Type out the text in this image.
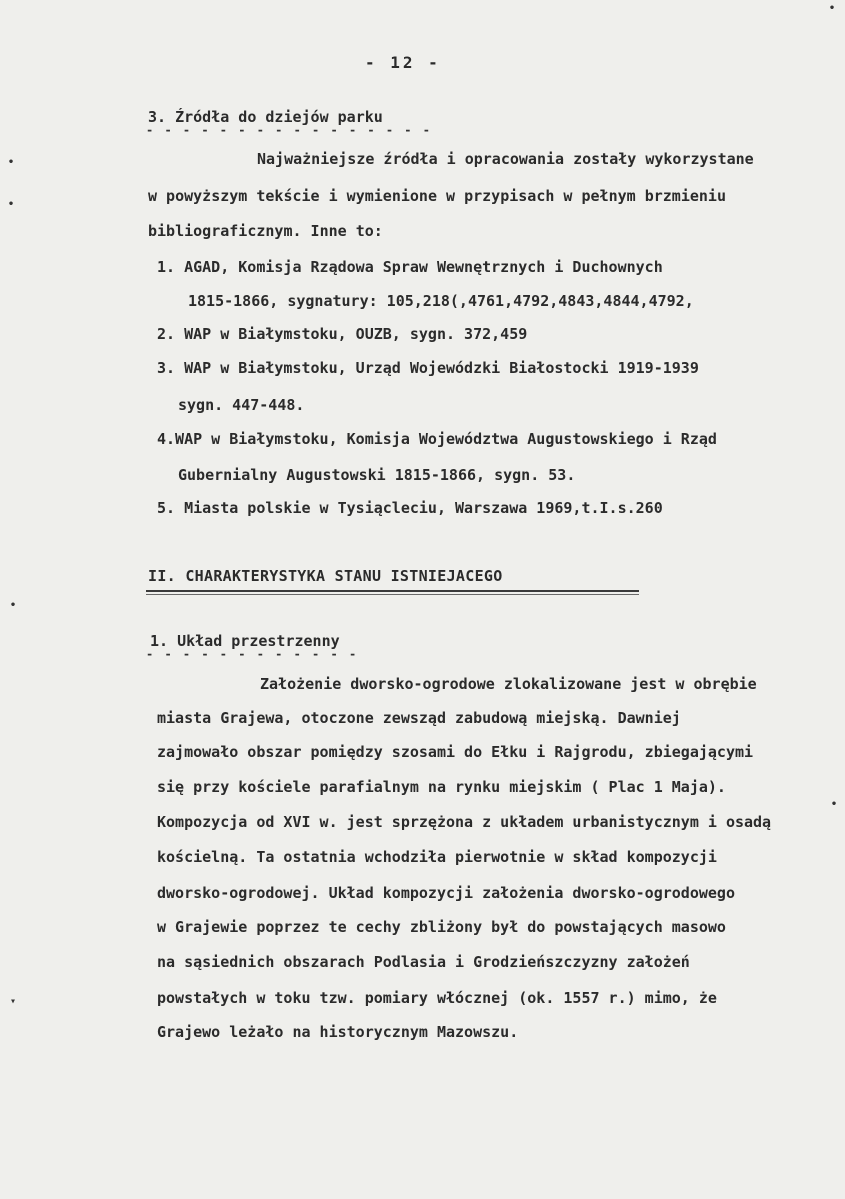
- 12 -
3. Źródła do dziejów parku
- - - - - - - - - - - - - - - -
Najważniejsze źródła i opracowania zostały wykorzystane
w powyższym tekście i wymienione w przypisach w pełnym brzmieniu
bibliograficznym. Inne to:
1. AGAD, Komisja Rządowa Spraw Wewnętrznych i Duchownych
1815-1866, sygnatury: 105,218(,4761,4792,4843,4844,4792,
2. WAP w Białymstoku, OUZB, sygn. 372,459
3. WAP w Białymstoku, Urząd Wojewódzki Białostocki 1919-1939
sygn. 447-448.
4.WAP w Białymstoku, Komisja Województwa Augustowskiego i Rząd
Gubernialny Augustowski 1815-1866, sygn. 53.
5. Miasta polskie w Tysiącleciu, Warszawa 1969,t.I.s.260
II. CHARAKTERYSTYKA STANU ISTNIEJACEGO
1. Układ przestrzenny
- - - - - - - - - - - -
Założenie dworsko-ogrodowe zlokalizowane jest w obrębie
miasta Grajewa, otoczone zewsząd zabudową miejską. Dawniej
zajmowało obszar pomiędzy szosami do Ełku i Rajgrodu, zbiegającymi
się przy kościele parafialnym na rynku miejskim ( Plac 1 Maja).
Kompozycja od XVI w. jest sprzężona z układem urbanistycznym i osadą
kościelną. Ta ostatnia wchodziła pierwotnie w skład kompozycji
dworsko-ogrodowej. Układ kompozycji założenia dworsko-ogrodowego
w Grajewie poprzez te cechy zbliżony był do powstających masowo
na sąsiednich obszarach Podlasia i Grodzieńszczyzny założeń
powstałych w toku tzw. pomiary włócznej (ok. 1557 r.) mimo, że
Grajewo leżało na historycznym Mazowszu.
•
•
•
▾
•
•
